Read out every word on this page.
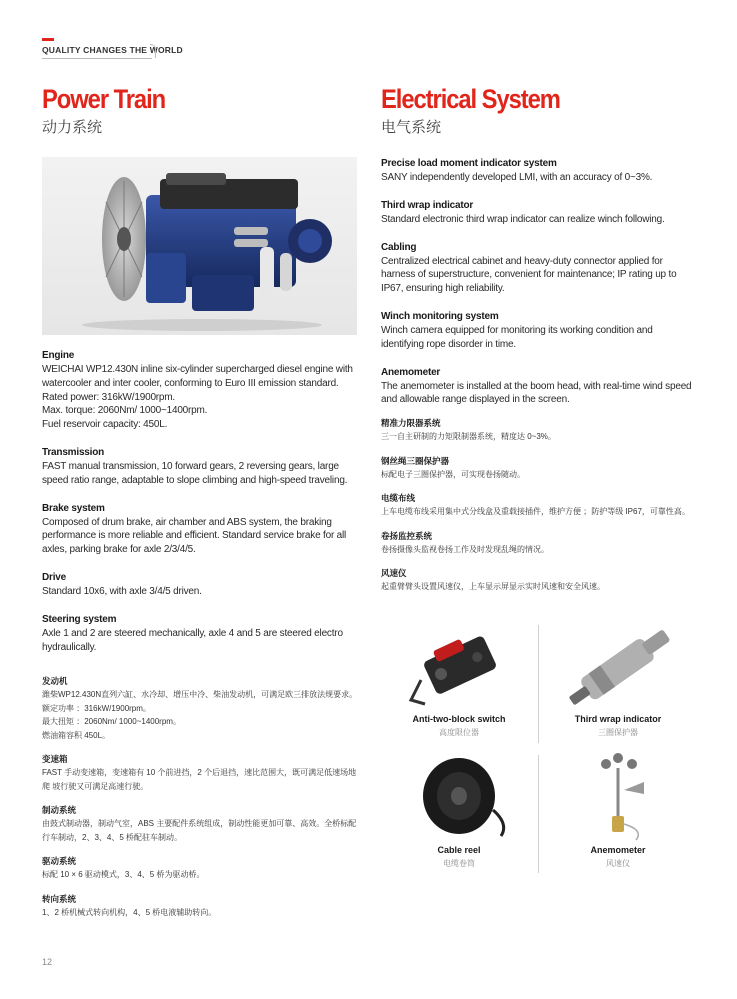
QUALITY CHANGES THE WORLD
Power Train
动力系统
Engine
WEICHAI WP12.430N inline six-cylinder supercharged diesel engine with watercooler and inter cooler, conforming to Euro III emission standard.
Rated power: 316kW/1900rpm.
Max. torque: 2060Nm/ 1000~1400rpm.
Fuel reservoir capacity: 450L.
Transmission
FAST manual transmission, 10 forward gears, 2 reversing gears, large speed ratio range, adaptable to slope climbing and high-speed traveling.
Brake system
Composed of drum brake, air chamber and ABS system, the braking performance is more reliable and efficient. Standard service brake for all axles, parking brake for axle 2/3/4/5.
Drive
Standard 10x6, with axle 3/4/5 driven.
Steering system
Axle 1 and 2 are steered mechanically, axle 4 and 5 are steered electro hydraulically.
发动机
潍柴WP12.430N直列六缸、水冷却、增压中冷、柴油发动机，可满足欧三排放法规要求。
额定功率 ：316kW/1900rpm。
最大扭矩 ：2060Nm/ 1000~1400rpm。
燃油箱容积 450L。
变速箱
FAST 手动变速箱，变速箱有 10 个前进挡，2 个后退挡，速比范围大，既可满足低速场地爬 坡行驶又可满足高速行驶。
制动系统
由鼓式制动器，制动气室，ABS 主要配件系统组成，制动性能更加可靠、高效。全桥标配行车制动，2、3、4、5 桥配驻车制动。
驱动系统
标配 10 × 6 驱动模式，3、4、5 桥为驱动桥。
转向系统
1、2 桥机械式转向机构，4、5 桥电液辅助转向。
Electrical System
电气系统
Precise load moment indicator system
SANY independently developed LMI, with an accuracy of 0~3%.
Third wrap indicator
Standard electronic third wrap indicator can realize winch following.
Cabling
Centralized electrical cabinet and heavy-duty connector applied for harness of superstructure, convenient for maintenance; IP rating up to IP67, ensuring high reliability.
Winch monitoring system
Winch camera equipped for monitoring its working condition and identifying rope disorder in time.
Anemometer
The anemometer is installed at the boom head, with real-time wind speed and allowable range displayed in the screen.
精准力限器系统
三一自主研制的力矩限制器系统，精度达 0~3%。
钢丝绳三圈保护器
标配电子三圈保护器，可实现卷扬随动。
电缆布线
上车电缆布线采用集中式分线盒及重载接插件，维护方便 ；防护等级 IP67，可靠性高。
卷扬监控系统
卷扬摄像头监视卷扬工作及时发现乱绳的情况。
风速仪
起重臂臂头设置风速仪，上车显示屏显示实时风速和安全风速。
Anti-two-block switch
高度限位器
Third wrap indicator
三圈保护器
Cable reel
电缆卷筒
Anemometer
风速仪
12
